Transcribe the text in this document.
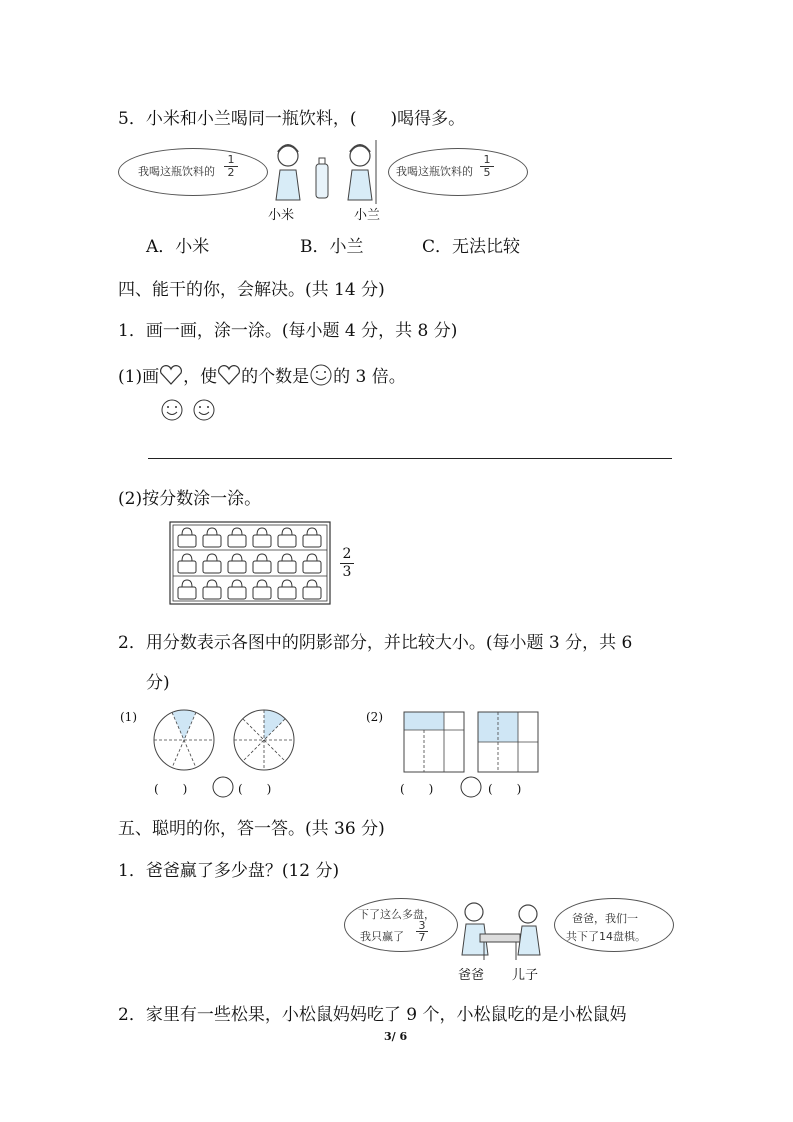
5．小米和小兰喝同一瓶饮料，(　　)喝得多。
我喝这瓶饮料的
1
2	我喝这瓶饮料的
1
5
小米	小兰
A．小米	B．小兰	C．无法比较
四、能干的你，会解决。(共 14 分)
1．画一画，涂一涂。(每小题 4 分，共 8 分)
(1)画 ，使 的个数是 的 3 倍。
(2)按分数涂一涂。
2
3
2．用分数表示各图中的阴影部分，并比较大小。(每小题 3 分，共 6
分)
(1)	(2)
(　　)	(　　)	(　　)	(　　)
五、聪明的你，答一答。(共 36 分)
1．爸爸赢了多少盘？(12 分)
下了这么多盘，
我只赢了
3
7
爸爸，我们一
共下了14盘棋。
爸爸 儿子
2．家里有一些松果，小松鼠妈妈吃了 9 个，小松鼠吃的是小松鼠妈
3/ 6
